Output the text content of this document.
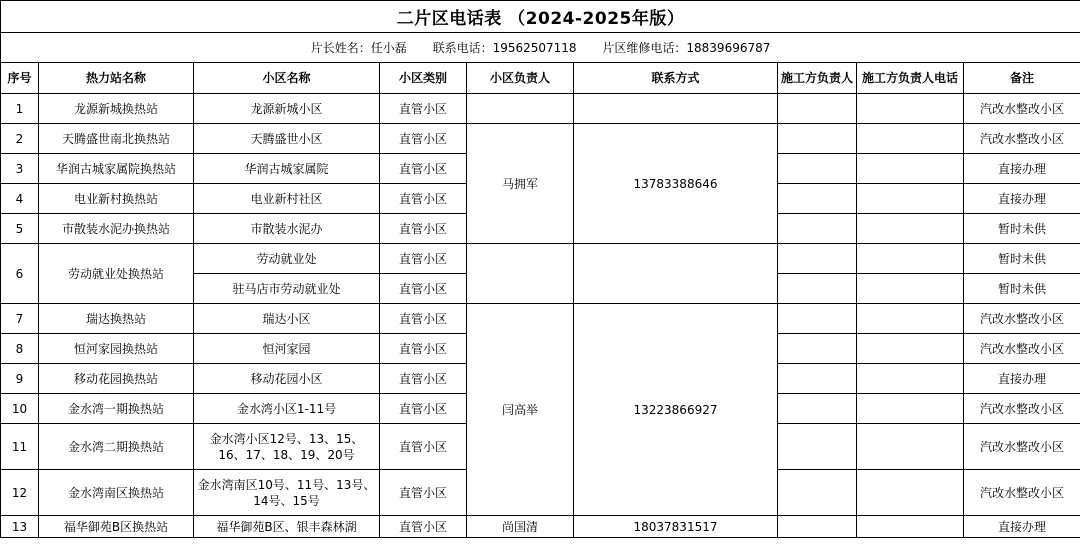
二片区电话表 （2024-2025年版）								
片长姓名：任小磊 联系电话：19562507118 片区维修电话：18839696787								
序号	热力站名称	小区名称	小区类别	小区负责人	联系方式	施工方负责人	施工方负责人电话	备注
1	龙源新城换热站	龙源新城小区	直管小区					汽改水整改小区
2	天腾盛世南北换热站	天腾盛世小区	直管小区	马拥军	13783388646			汽改水整改小区
3	华润古城家属院换热站	华润古城家属院	直管小区					直接办理
4	电业新村换热站	电业新村社区	直管小区					直接办理
5	市散装水泥办换热站	市散装水泥办	直管小区					暂时未供
6	劳动就业处换热站	劳动就业处	直管小区					暂时未供
		驻马店市劳动就业处	直管小区					暂时未供
7	瑞达换热站	瑞达小区	直管小区	闫高举	13223866927			汽改水整改小区
8	恒河家园换热站	恒河家园	直管小区					汽改水整改小区
9	移动花园换热站	移动花园小区	直管小区					直接办理
10	金水湾一期换热站	金水湾小区1-11号	直管小区					汽改水整改小区
11	金水湾二期换热站	金水湾小区12号、13、15、16、17、18、19、20号	直管小区					汽改水整改小区
12	金水湾南区换热站	金水湾南区10号、11号、13号、14号、15号	直管小区					汽改水整改小区
13	福华御苑B区换热站	福华御苑B区、银丰森林湖	直管小区	尚国清	18037831517			直接办理
